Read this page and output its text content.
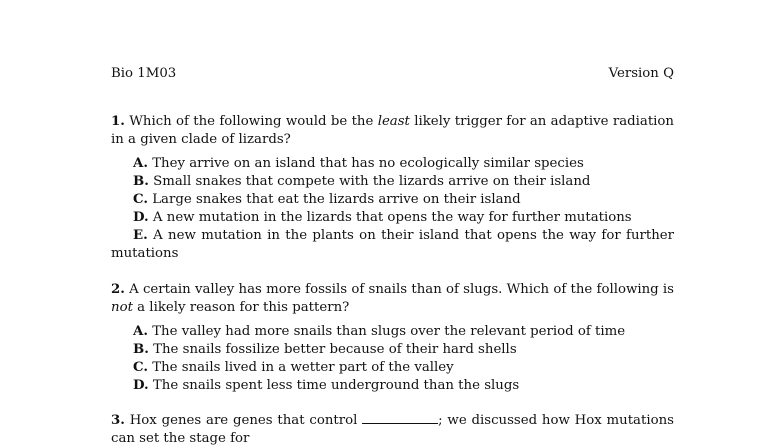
Bio 1M03	Version Q
1. Which of the following would be the least likely trigger for an adaptive radiation in a given clade of lizards?
A. They arrive on an island that has no ecologically similar species
B. Small snakes that compete with the lizards arrive on their island
C. Large snakes that eat the lizards arrive on their island
D. A new mutation in the lizards that opens the way for further mutations
E. A new mutation in the plants on their island that opens the way for further mutations
2. A certain valley has more fossils of snails than of slugs. Which of the following is not a likely reason for this pattern?
A. The valley had more snails than slugs over the relevant period of time
B. The snails fossilize better because of their hard shells
C. The snails lived in a wetter part of the valley
D. The snails spent less time underground than the slugs
3. Hox genes are genes that control	; we discussed how Hox mutations can set the stage for
